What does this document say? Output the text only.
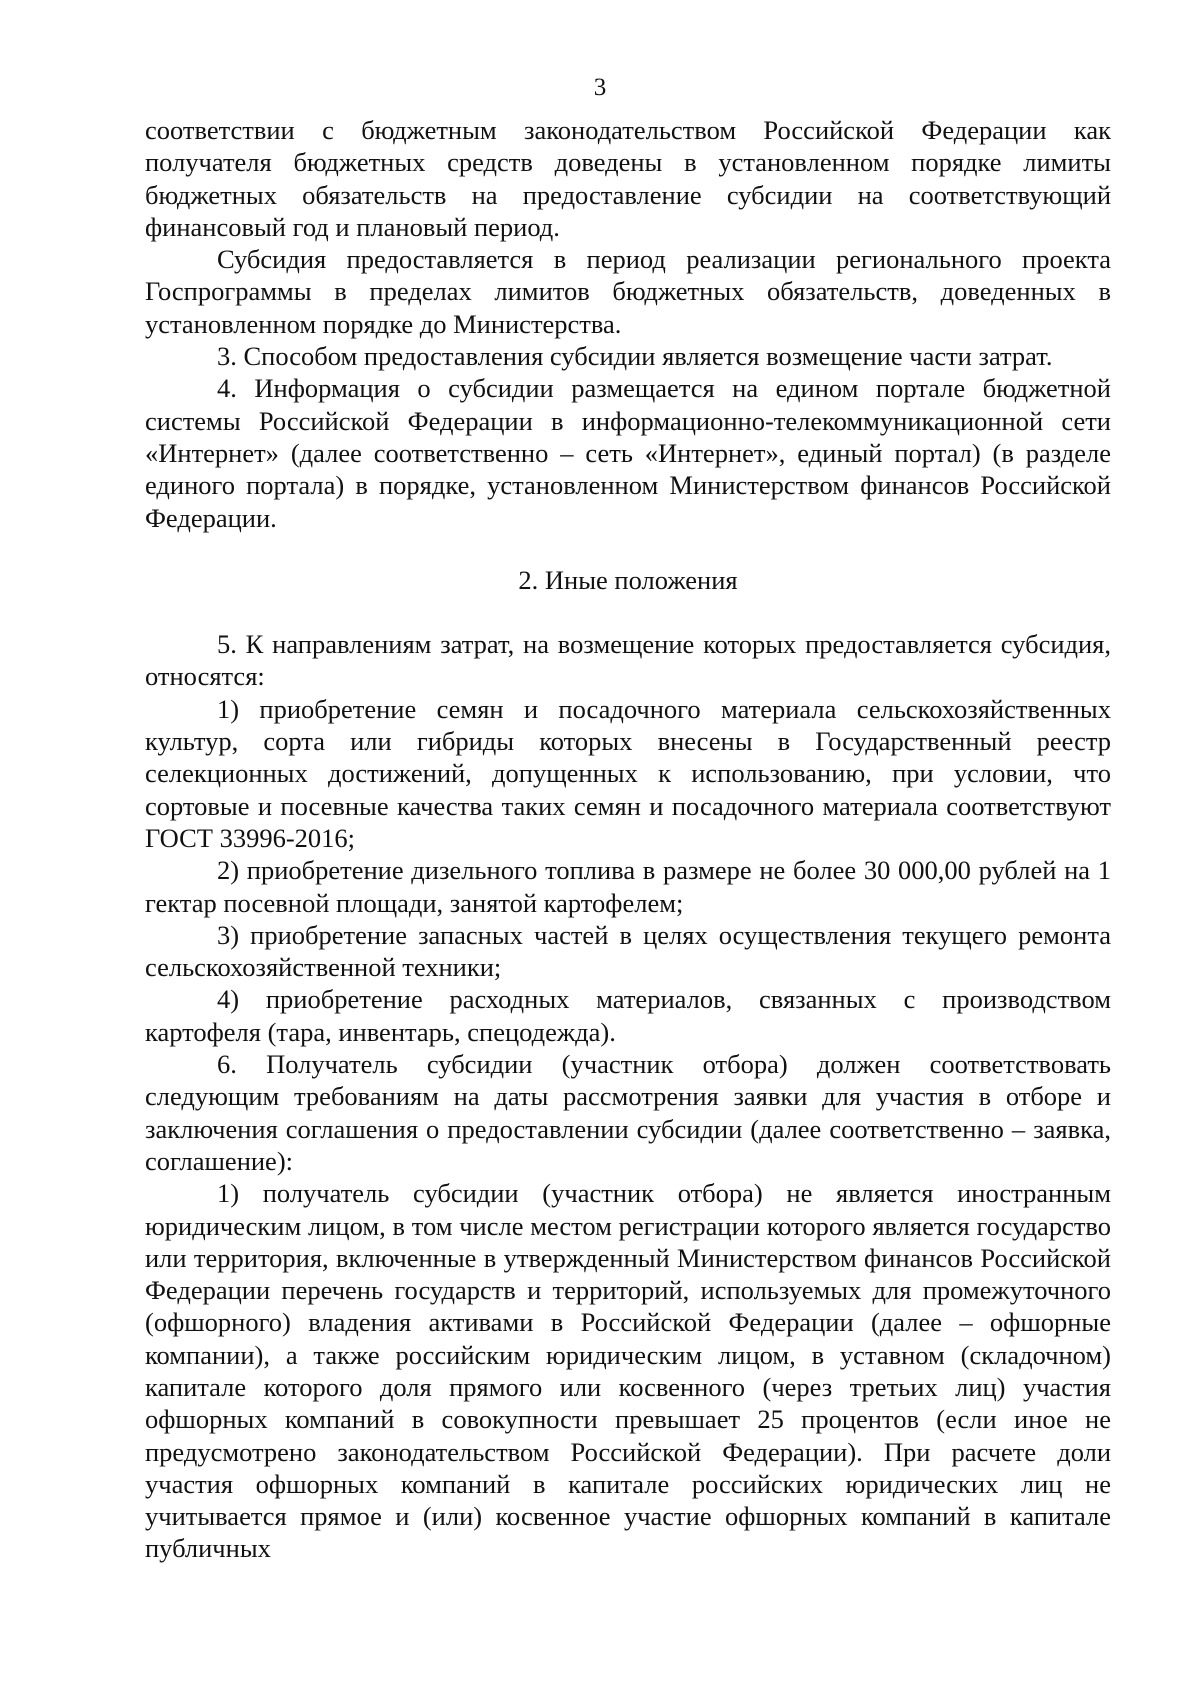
3

соответствии с бюджетным законодательством Российской Федерации как получателя бюджетных средств доведены в установленном порядке лимиты бюджетных обязательств на предоставление субсидии на соответствующий финансовый год и плановый период.

Субсидия предоставляется в период реализации регионального проекта Госпрограммы в пределах лимитов бюджетных обязательств, доведенных в установленном порядке до Министерства.

3. Способом предоставления субсидии является возмещение части затрат.

4. Информация о субсидии размещается на едином портале бюджетной системы Российской Федерации в информационно-телекоммуникационной сети «Интернет» (далее соответственно – сеть «Интернет», единый портал) (в разделе единого портала) в порядке, установленном Министерством финансов Российской Федерации.

2. Иные положения

5. К направлениям затрат, на возмещение которых предоставляется субсидия, относятся:

1) приобретение семян и посадочного материала сельскохозяйственных культур, сорта или гибриды которых внесены в Государственный реестр селекционных достижений, допущенных к использованию, при условии, что сортовые и посевные качества таких семян и посадочного материала соответствуют ГОСТ 33996-2016;

2) приобретение дизельного топлива в размере не более 30 000,00 рублей на 1 гектар посевной площади, занятой картофелем;

3) приобретение запасных частей в целях осуществления текущего ремонта сельскохозяйственной техники;

4) приобретение расходных материалов, связанных с производством картофеля (тара, инвентарь, спецодежда).

6. Получатель субсидии (участник отбора) должен соответствовать следующим требованиям на даты рассмотрения заявки для участия в отборе и заключения соглашения о предоставлении субсидии (далее соответственно – заявка, соглашение):

1) получатель субсидии (участник отбора) не является иностранным юридическим лицом, в том числе местом регистрации которого является государство или территория, включенные в утвержденный Министерством финансов Российской Федерации перечень государств и территорий, используемых для промежуточного (офшорного) владения активами в Российской Федерации (далее – офшорные компании), а также российским юридическим лицом, в уставном (складочном) капитале которого доля прямого или косвенного (через третьих лиц) участия офшорных компаний в совокупности превышает 25 процентов (если иное не предусмотрено законодательством Российской Федерации). При расчете доли участия офшорных компаний в капитале российских юридических лиц не учитывается прямое и (или) косвенное участие офшорных компаний в капитале публичных
